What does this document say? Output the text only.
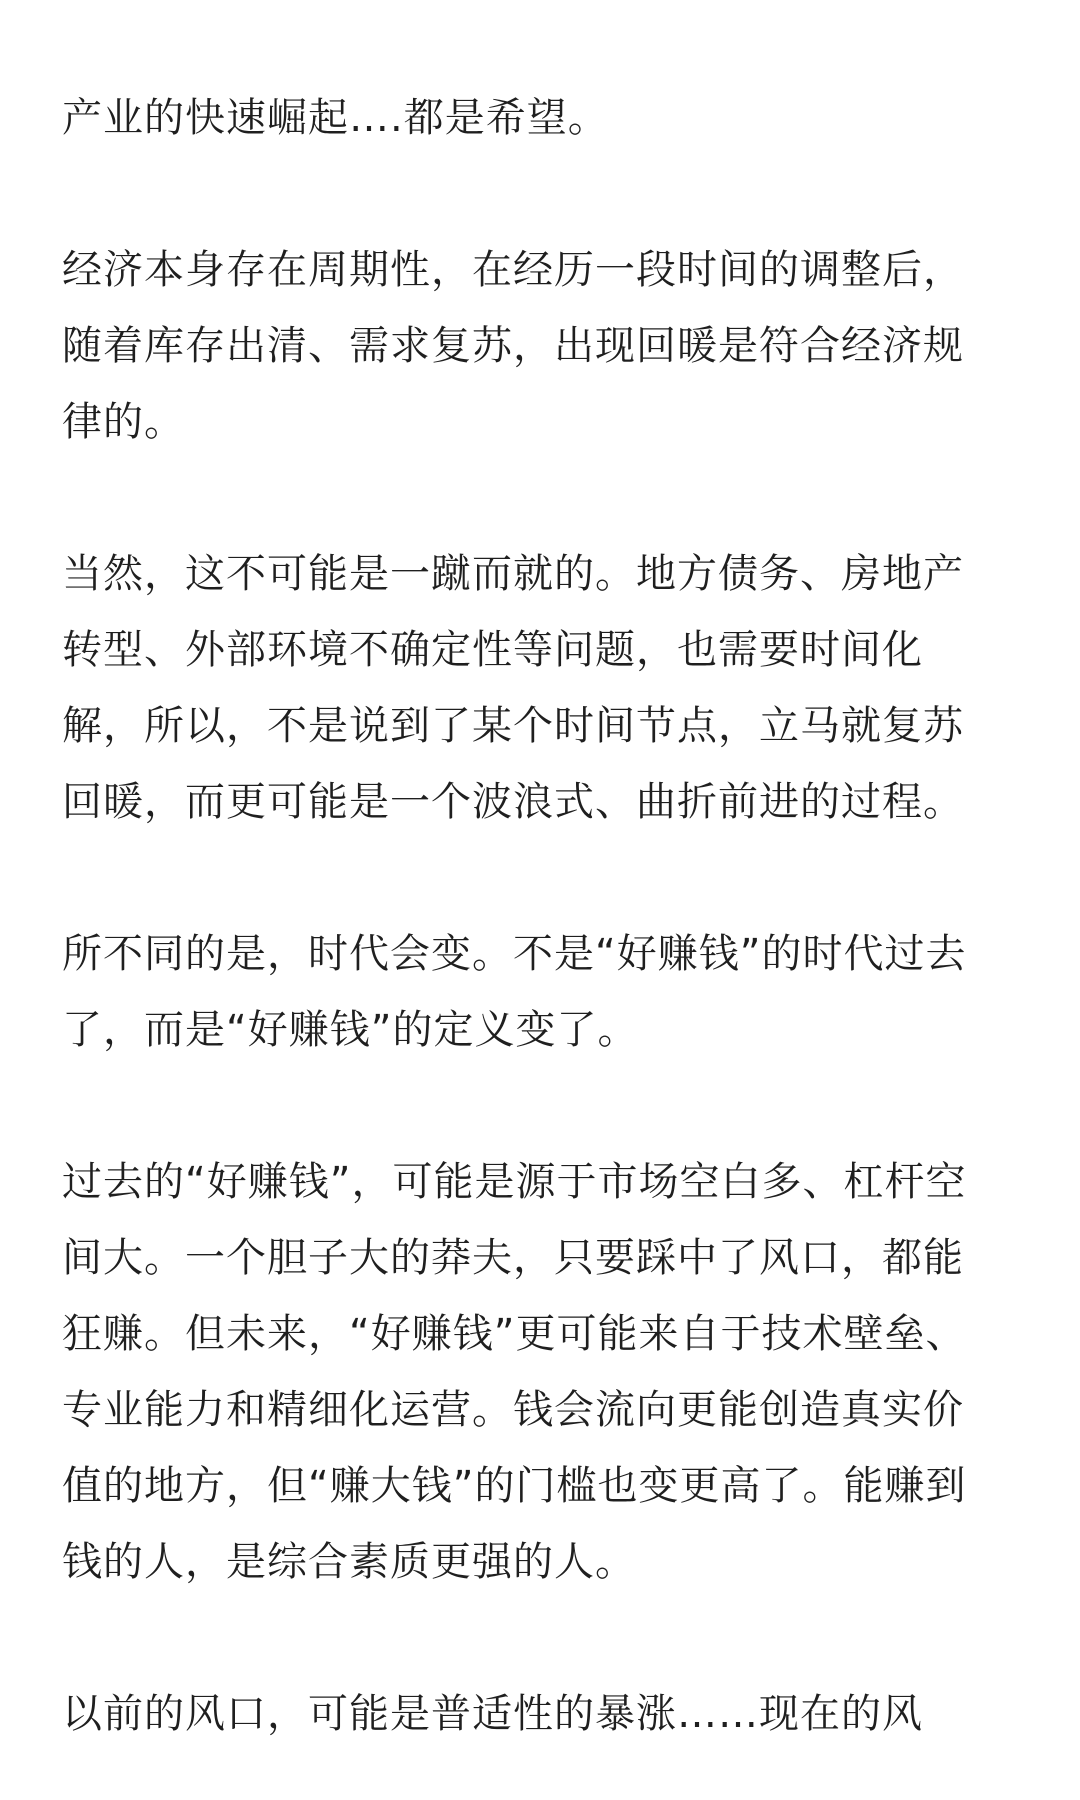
产业的快速崛起….都是希望。

经济本身存在周期性，在经历一段时间的调整后，
随着库存出清、需求复苏，出现回暖是符合经济规
律的。

当然，这不可能是一蹴而就的。地方债务、房地产
转型、外部环境不确定性等问题，也需要时间化
解，所以，不是说到了某个时间节点，立马就复苏
回暖，而更可能是一个波浪式、曲折前进的过程。

所不同的是，时代会变。不是“好赚钱”的时代过去
了，而是“好赚钱”的定义变了。

过去的“好赚钱”，可能是源于市场空白多、杠杆空
间大。一个胆子大的莽夫，只要踩中了风口，都能
狂赚。但未来，“好赚钱”更可能来自于技术壁垒、
专业能力和精细化运营。钱会流向更能创造真实价
值的地方，但“赚大钱”的门槛也变更高了。能赚到
钱的人，是综合素质更强的人。

以前的风口，可能是普适性的暴涨……现在的风
